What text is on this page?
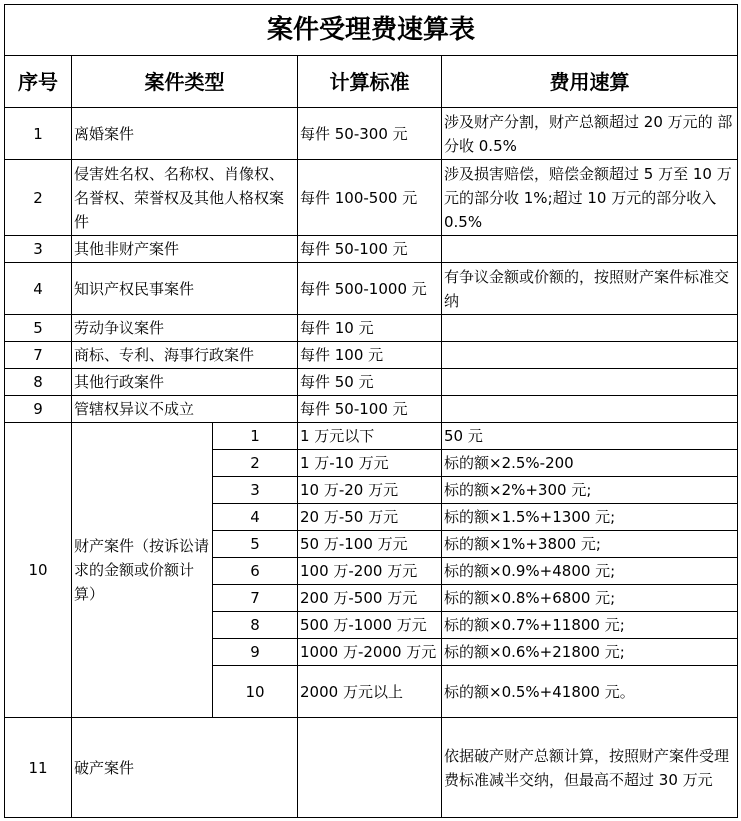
案件受理费速算表				
序号	案件类型		计算标准	费用速算
1	离婚案件		每件 50-300 元	涉及财产分割，财产总额超过 20 万元的 部分收 0.5%
2	侵害姓名权、名称权、肖像权、名誉权、荣誉权及其他人格权案件		每件 100-500 元	涉及损害赔偿，赔偿金额超过 5 万至 10 万元的部分收 1%;超过 10 万元的部分收入 0.5%
3	其他非财产案件		每件 50-100 元	
4	知识产权民事案件		每件 500-1000 元	有争议金额或价额的，按照财产案件标准交纳
5	劳动争议案件		每件 10 元	
7	商标、专利、海事行政案件		每件 100 元	
8	其他行政案件		每件 50 元	
9	管辖权异议不成立		每件 50-100 元	
10	财产案件（按诉讼请求的金额或价额计算）	1	1 万元以下	50 元
		2	1 万-10 万元	标的额×2.5%-200
		3	10 万-20 万元	标的额×2%+300 元;
		4	20 万-50 万元	标的额×1.5%+1300 元;
		5	50 万-100 万元	标的额×1%+3800 元;
		6	100 万-200 万元	标的额×0.9%+4800 元;
		7	200 万-500 万元	标的额×0.8%+6800 元;
		8	500 万-1000 万元	标的额×0.7%+11800 元;
		9	1000 万-2000 万元	标的额×0.6%+21800 元;
		10	2000 万元以上	标的额×0.5%+41800 元。
11	破产案件			依据破产财产总额计算，按照财产案件受理费标准减半交纳，但最高不超过 30 万元
